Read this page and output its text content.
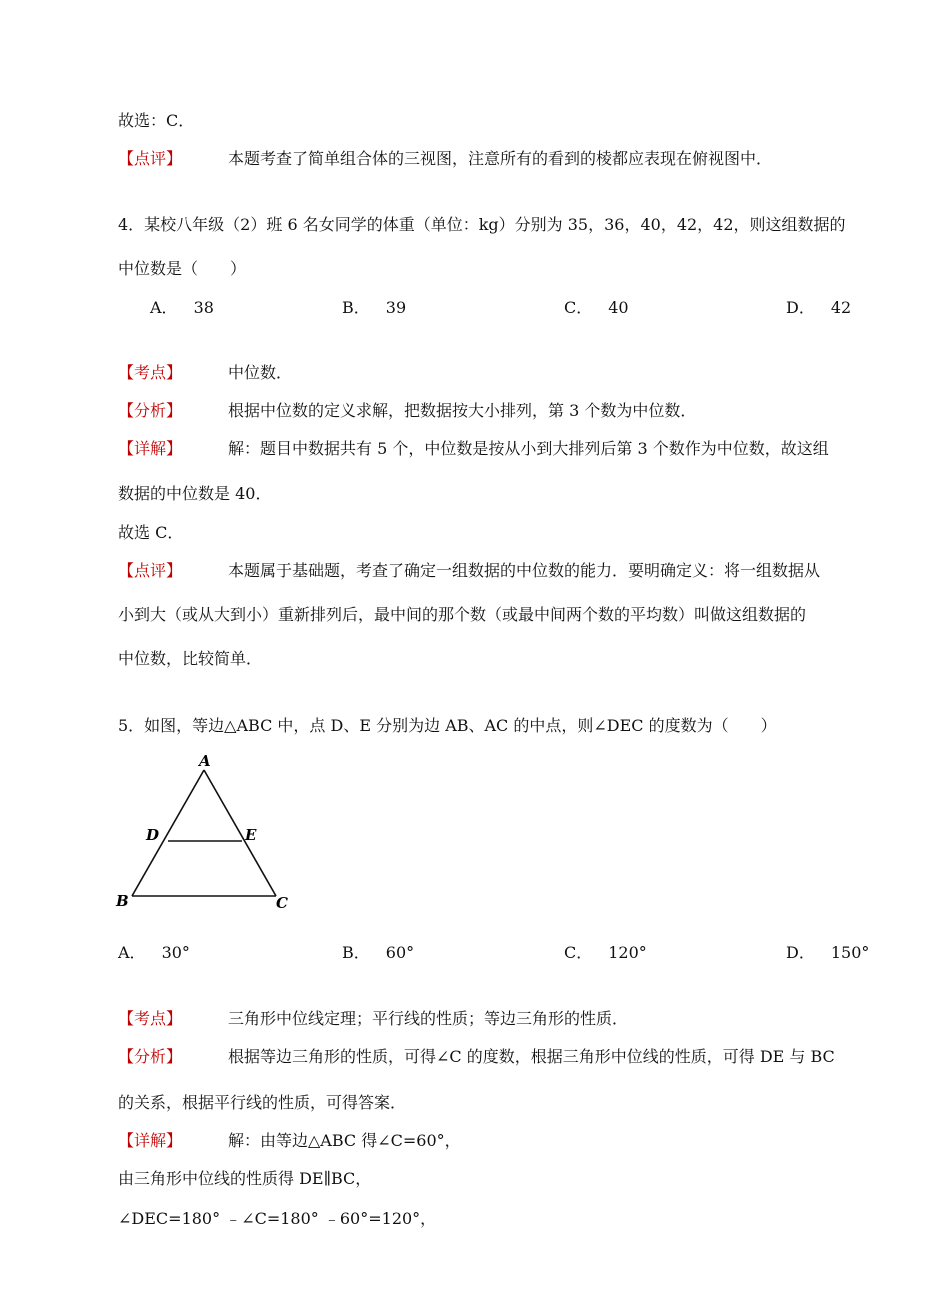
故选：C．
【点评】	本题考查了简单组合体的三视图，注意所有的看到的棱都应表现在俯视图中．
4．某校八年级（2）班 6 名女同学的体重（单位：kg）分别为 35，36，40，42，42，则这组数据的
中位数是（　　）
A．  38	B．  39	C．  40	D．  42
【考点】	中位数．
【分析】	根据中位数的定义求解，把数据按大小排列，第 3 个数为中位数．
【详解】	解：题目中数据共有 5 个，中位数是按从小到大排列后第 3 个数作为中位数，故这组
数据的中位数是 40．
故选 C．
【点评】	本题属于基础题，考查了确定一组数据的中位数的能力．要明确定义：将一组数据从
小到大（或从大到小）重新排列后，最中间的那个数（或最中间两个数的平均数）叫做这组数据的
中位数，比较简单．
5．如图，等边△ABC 中，点 D、E 分别为边 AB、AC 的中点，则∠DEC 的度数为（　　）
A
D	E
B	C
A．  30°	B．  60°	C．  120°	D．  150°
【考点】	三角形中位线定理；平行线的性质；等边三角形的性质．
【分析】	根据等边三角形的性质，可得∠C 的度数，根据三角形中位线的性质，可得 DE 与 BC
的关系，根据平行线的性质，可得答案．
【详解】	解：由等边△ABC 得∠C=60°，
由三角形中位线的性质得 DE∥BC，
∠DEC=180° ﹣∠C=180° ﹣60°=120°，
